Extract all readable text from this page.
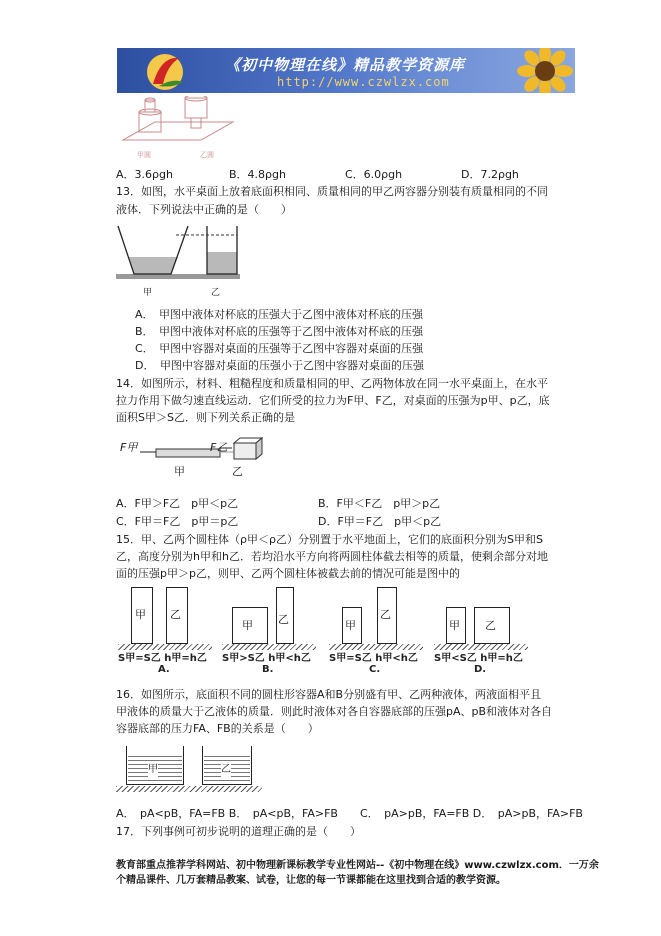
《初中物理在线》精品教学资源库
http://www.czwlzx.com
甲圆	乙圆
A．3.6ρgh	B．4.8ρgh	C．6.0ρgh	D．7.2ρgh
13．如图，水平桌面上放着底面积相同、质量相同的甲乙两容器分别装有质量相同的不同
液体．下列说法中正确的是（　　）
甲	乙
A．　甲图中液体对杯底的压强大于乙图中液体对杯底的压强
B．　甲图中液体对杯底的压强等于乙图中液体对杯底的压强
C．　甲图中容器对桌面的压强等于乙图中容器对桌面的压强
D．　甲图中容器对桌面的压强小于乙图中容器对桌面的压强
14．如图所示，材料、粗糙程度和质量相同的甲、乙两物体放在同一水平桌面上，在水平
拉力作用下做匀速直线运动．它们所受的拉力为F甲、F乙，对桌面的压强为p甲、p乙，底
面积S甲＞S乙．则下列关系正确的是
F甲	F乙
甲	乙
A．F甲＞F乙　p甲＜p乙	B．F甲＜F乙　p甲＞p乙
C．F甲＝F乙　p甲＝p乙	D．F甲＝F乙　p甲＜p乙
15．甲、乙两个圆柱体（ρ甲＜ρ乙）分别置于水平地面上，它们的底面积分别为S甲和S
乙，高度分别为h甲和h乙．若均沿水平方向将两圆柱体截去相等的质量，使剩余部分对地
面的压强p甲＞p乙，则甲、乙两个圆柱体被截去前的情况可能是图中的
甲 乙
S甲=S乙 h甲=h乙
A.
甲 乙
S甲>S乙 h甲<h乙
B.
甲
乙
S甲=S乙 h甲<h乙
C.
甲 乙
S甲<S乙 h甲=h乙
D.
16．如图所示，底面积不同的圆柱形容器A和B分别盛有甲、乙两种液体，两液面相平且
甲液体的质量大于乙液体的质量．则此时液体对各自容器底部的压强pA、pB和液体对各自
容器底部的压力FA、FB的关系是（　　）
甲	乙
A．　pA<pB，FA=FB B．　pA<pB，FA>FB　　C．　pA>pB，FA=FB D．　pA>pB，FA>FB
17．下列事例可初步说明的道理正确的是（　　）
教育部重点推荐学科网站、初中物理新课标教学专业性网站--《初中物理在线》www.czwlzx.com．一万余
个精品课件、几万套精品教案、试卷，让您的每一节课都能在这里找到合适的教学资源。
